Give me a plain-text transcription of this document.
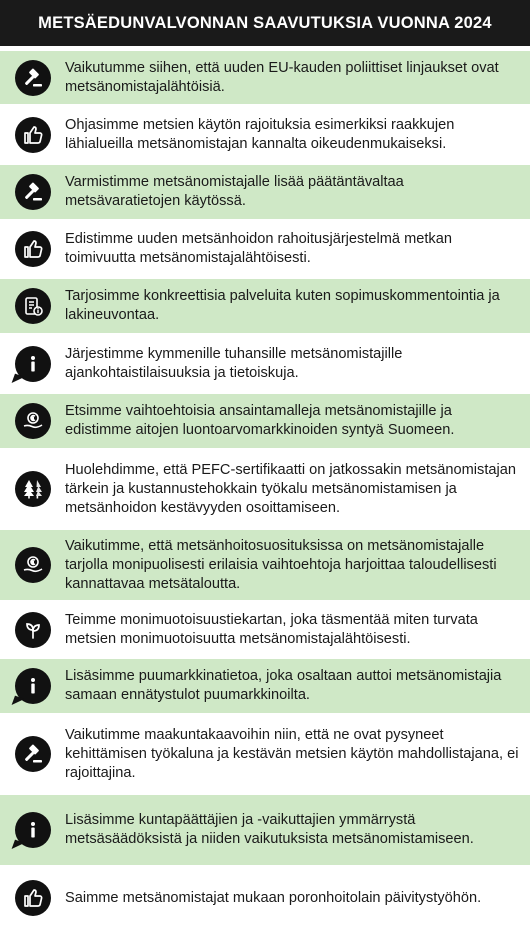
METSÄEDUNVALVONNAN SAAVUTUKSIA VUONNA 2024
Vaikutumme siihen, että uuden EU-kauden poliittiset linjaukset ovat metsänomistajalähtöisiä.
Ohjasimme metsien käytön rajoituksia esimerkiksi raakkujen lähialueilla metsänomistajan kannalta oikeudenmukaiseksi.
Varmistimme metsänomistajalle lisää päätäntävaltaa metsävaratietojen käytössä.
Edistimme uuden metsänhoidon rahoitusjärjestelmä metkan toimivuutta metsänomistajalähtöisesti.
Tarjosimme konkreettisia palveluita kuten sopimuskommentointia ja lakineuvontaa.
Järjestimme kymmenille tuhansille metsänomistajille ajankohtaistilaisuuksia ja tietoiskuja.
Etsimme vaihtoehtoisia ansaintamalleja metsänomistajille ja edistimme aitojen luontoarvomarkkinoiden syntyä Suomeen.
Huolehdimme, että PEFC-sertifikaatti on jatkossakin metsänomistajan tärkein ja kustannustehokkain työkalu metsänomistamisen ja metsänhoidon kestävyyden osoittamiseen.
Vaikutimme, että metsänhoitosuosituksissa on metsänomistajalle tarjolla monipuolisesti erilaisia vaihtoehtoja harjoittaa taloudellisesti kannattavaa metsätaloutta.
Teimme monimuotoisuustiekartan, joka täsmentää miten turvata metsien monimuotoisuutta metsänomistajalähtöisesti.
Lisäsimme puumarkkinatietoa, joka osaltaan auttoi metsänomistajia samaan ennätystulot puumarkkinoilta.
Vaikutimme maakuntakaavoihin niin, että ne ovat pysyneet kehittämisen työkaluna ja kestävän metsien käytön mahdollistajana, ei rajoittajina.
Lisäsimme kuntapäättäjien ja -vaikuttajien ymmärrystä metsäsäädöksistä ja niiden vaikutuksista metsänomistamiseen.
Saimme metsänomistajat mukaan poronhoitolain päivitystyöhön.
